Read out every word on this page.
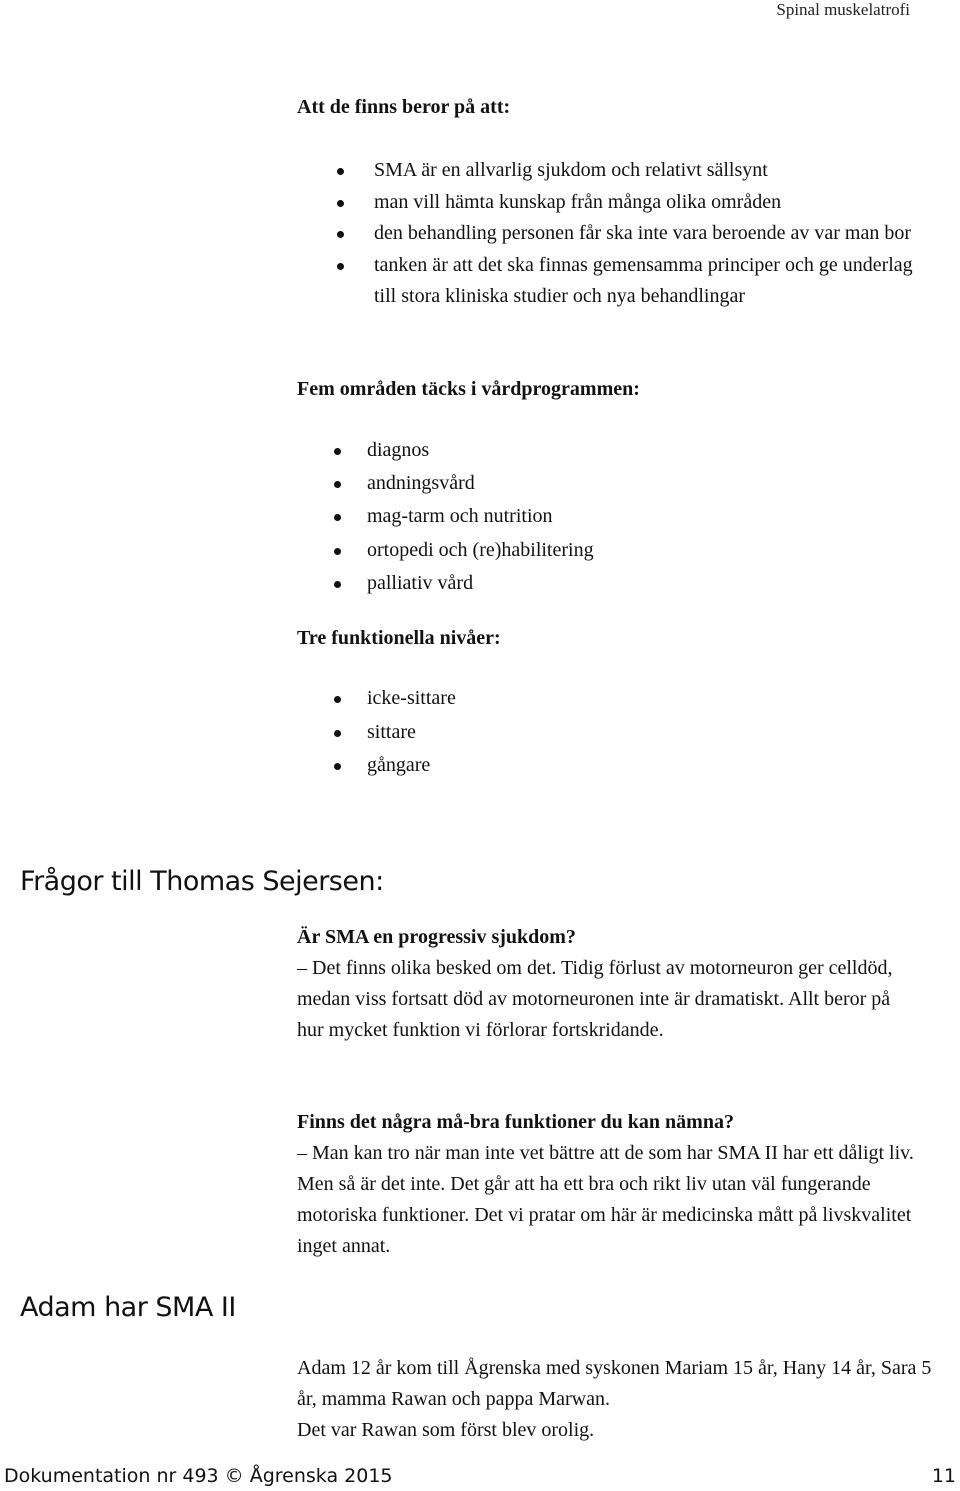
Spinal muskelatrofi
Att de finns beror på att:
SMA är en allvarlig sjukdom och relativt sällsynt
man vill hämta kunskap från många olika områden
den behandling personen får ska inte vara beroende av var man bor
tanken är att det ska finnas gemensamma principer och ge underlag till stora kliniska studier och nya behandlingar
Fem områden täcks i vårdprogrammen:
diagnos
andningsvård
mag-tarm och nutrition
ortopedi och (re)habilitering
palliativ vård
Tre funktionella nivåer:
icke-sittare
sittare
gångare
Frågor till Thomas Sejersen:
Är SMA en progressiv sjukdom?

– Det finns olika besked om det. Tidig förlust av motorneuron ger celldöd, medan viss fortsatt död av motorneuronen inte är dramatiskt. Allt beror på hur mycket funktion vi förlorar fortskridande.

Finns det några må-bra funktioner du kan nämna?

– Man kan tro när man inte vet bättre att de som har SMA II har ett dåligt liv. Men så är det inte. Det går att ha ett bra och rikt liv utan väl fungerande motoriska funktioner. Det vi pratar om här är medicinska mått på livskvalitet inget annat.

Adam har SMA II

Adam 12 år kom till Ågrenska med syskonen Mariam 15 år, Hany 14 år, Sara 5 år, mamma Rawan och pappa Marwan.

Det var Rawan som först blev orolig.

Dokumentation nr 493 © Ågrenska 2015	11
